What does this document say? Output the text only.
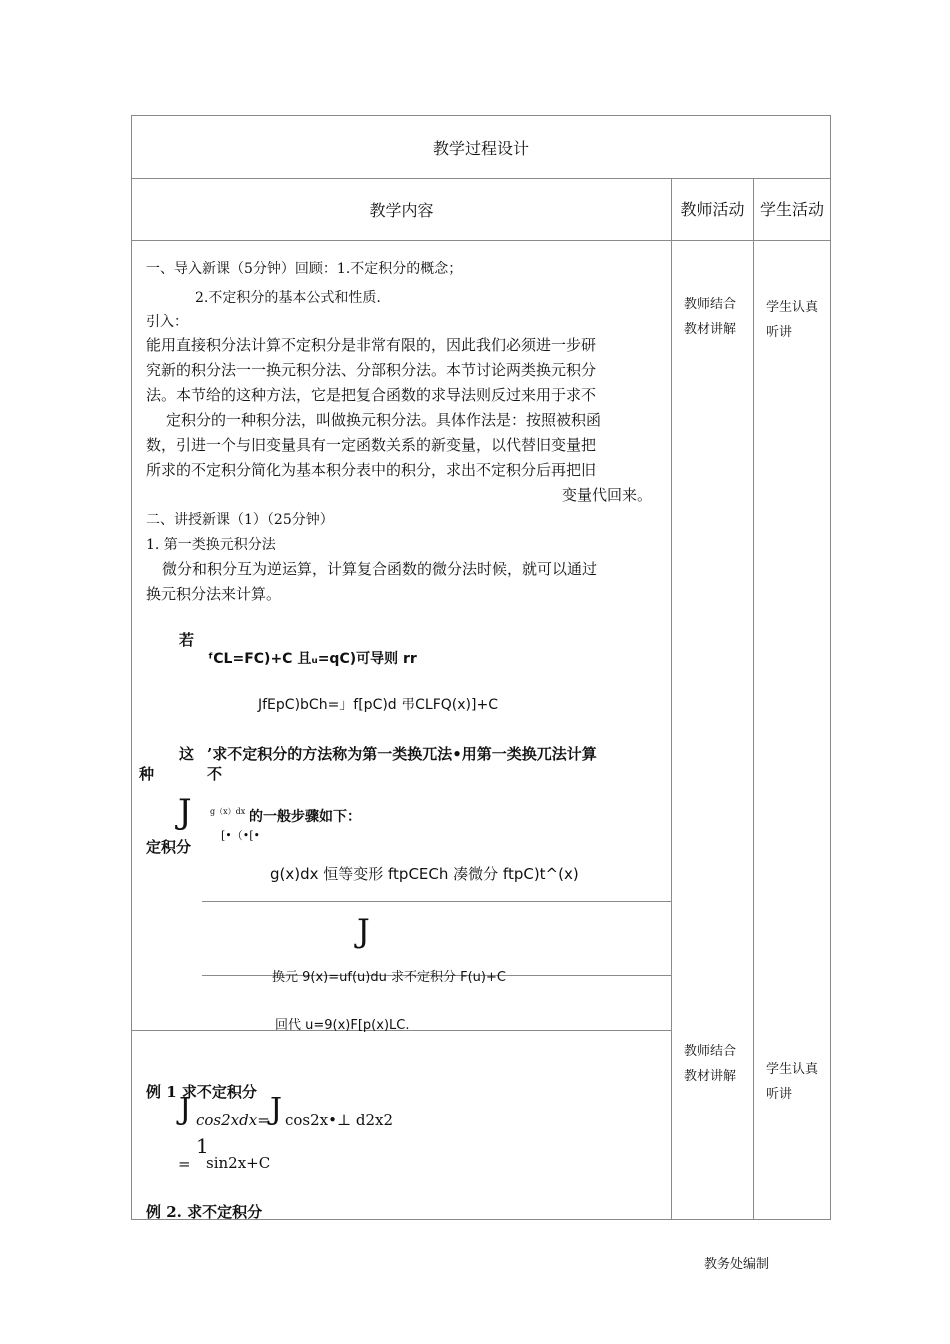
教学过程设计
教学内容	教师活动 学生活动
一、导入新课（5分钟）回顾：1.不定积分的概念；
2.不定积分的基本公式和性质.
引入：
能用直接积分法计算不定积分是非常有限的，因此我们必须进一步研
究新的积分法一一换元积分法、分部积分法。本节讨论两类换元积分
法。本节给的这种方法，它是把复合函数的求导法则反过来用于求不
定积分的一种积分法，叫做换元积分法。具体作法是：按照被积函
数，引进一个与旧变量具有一定函数关系的新变量，以代替旧变量把
所求的不定积分简化为基本积分表中的积分，求出不定积分后再把旧
变量代回来。
二、讲授新课（1）（25分钟）
1. 第一类换元积分法
微分和积分互为逆运算，计算复合函数的微分法时候，就可以通过
换元积分法来计算。
若
ᶠCL=FC)+C 且ᵤ=qC)可导则 rr
JfEpC)bCh=」f[pC)d 弔CLFQ(x)]+C
这
种
’求不定积分的方法称为第一类换兀法•用第一类换兀法计算
不
J g（x）dx 的一般步骤如下：
[•（•[•
定积分
g(x)dx 恒等变形 ftpCECh 凑微分 ftpC)t^(x)
J
换元 9(x)=uf(u)du 求不定积分 F(u)+C
回代 u=9(x)F[p(x)LC.
教师结合教材讲解
学生认真听讲
例 1 求不定积分
J cos2xdx= J cos2x•⊥ d2x2
1
= sin2x+C
例 2. 求不定积分
教师结合教材讲解	学生认真听讲
教务处编制
